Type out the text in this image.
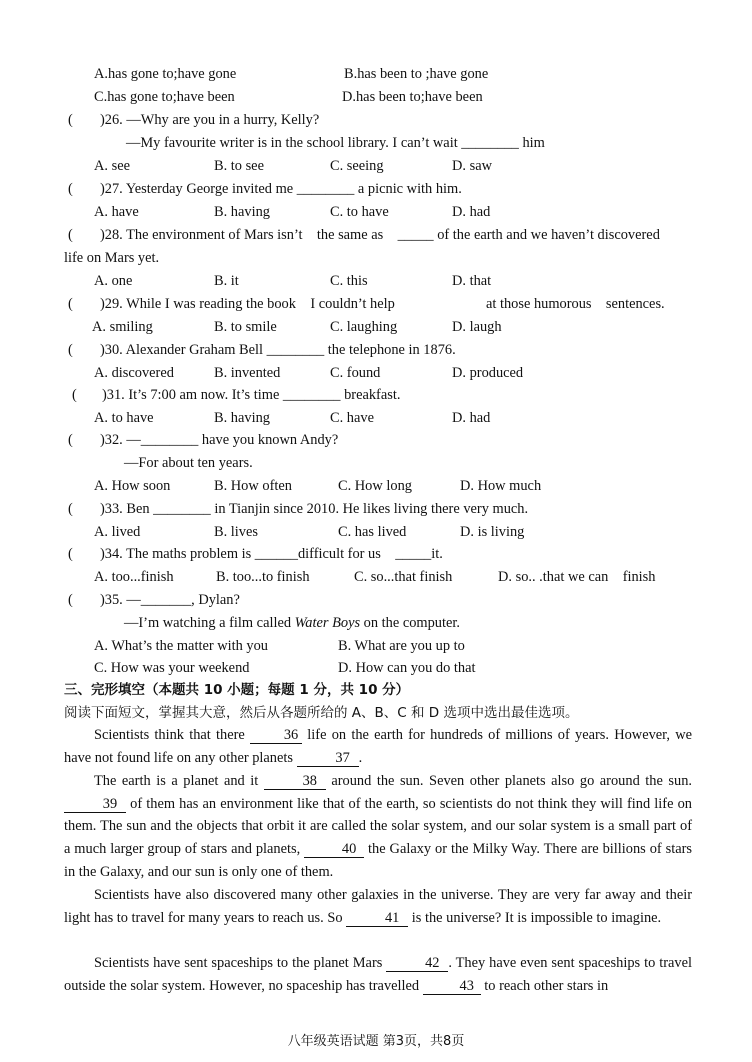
A.has gone to;have gone	B.has been to ;have gone
C.has gone to;have been	D.has been to;have been
( )26. —Why are you in a hurry, Kelly?
—My favourite writer is in the school library. I can’t wait ________ him
A. see	B. to see	C. seeing	D. saw
( )27. Yesterday George invited me ________ a picnic with him.
A. have	B. having	C. to have	D. had
( )28. The environment of Mars isn’t    the same as    _____ of the earth and we haven’t discovered
life on Mars yet.
A. one	B. it	C. this	D. that
( )29. While I was reading the book    I couldn’t help	at those humorous    sentences.
A. smiling	B. to smile	C. laughing	D. laugh
( )30. Alexander Graham Bell ________ the telephone in 1876.
A. discovered	B. invented	C. found	D. produced
( )31. It’s 7:00 am now. It’s time ________ breakfast.
A. to have	B. having	C. have	D. had
( )32. —________ have you known Andy?
—For about ten years.
A. How soon	B. How often	C. How long	D. How much
( )33. Ben ________ in Tianjin since 2010. He likes living there very much.
A. lived	B. lives	C. has lived	D. is living
( )34. The maths problem is ______difficult for us    _____it.
A. too...finish	B. too...to finish	C. so...that finish	D. so.. .that we can    finish
( )35. —_______, Dylan?
—I’m watching a film called Water Boys on the computer.
A. What’s the matter with you	B. What are you up to
C. How was your weekend	D. How can you do that
三、完形填空（本题共 10 小题；每题 1 分，共 10 分）
阅读下面短文，掌握其大意，然后从各题所给的 A、B、C 和 D 选项中选出最佳选项。
Scientists think that there 36 life on the earth for hundreds of millions of years. However, we have not found life on any other planets	37 .
The earth is a planet and it	38 around the sun. Seven other planets also go around the sun. 39 of them has an environment like that of the earth, so scientists do not think they will find life on them. The sun and the objects that orbit it are called the solar system, and our solar system is a small part of a much larger group of stars and planets,	40 the Galaxy or the Milky Way. There are billions of stars in the Galaxy, and our sun is only one of them.
Scientists have also discovered many other galaxies in the universe. They are very far away and their light has to travel for many years to reach us. So	41 is the universe? It is impossible to imagine.
Scientists have sent spaceships to the planet Mars	42 . They have even sent spaceships to travel outside the solar system. However, no spaceship has travelled	43 to reach other stars in
八年级英语试题 第3页，共8页
